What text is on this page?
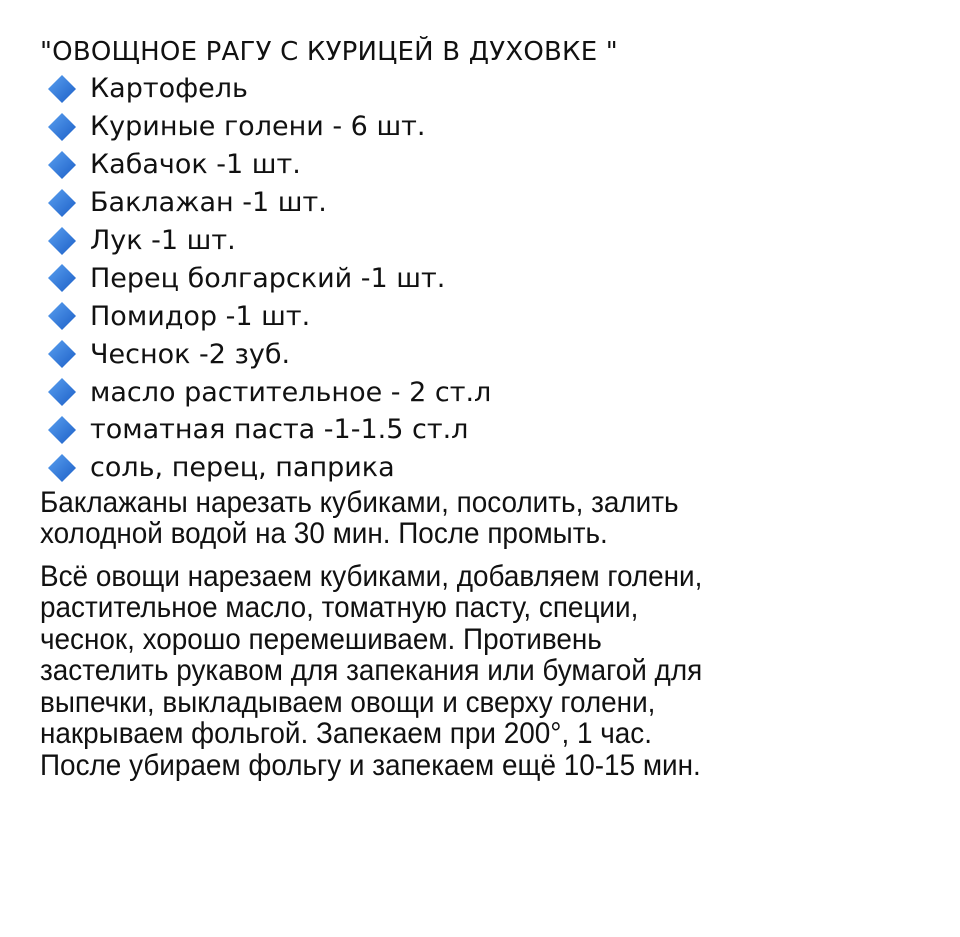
"ОВОЩНОЕ РАГУ С КУРИЦЕЙ В ДУХОВКЕ "
Картофель
Куриные голени - 6 шт.
Кабачок -1 шт.
Баклажан -1 шт.
Лук -1 шт.
Перец болгарский -1 шт.
Помидор -1 шт.
Чеснок -2 зуб.
масло растительное - 2 ст.л
томатная паста -1-1.5 ст.л
соль, перец, паприка

Баклажаны нарезать кубиками, посолить, залить
холодной водой на 30 мин. После промыть.

Всё овощи нарезаем кубиками, добавляем голени,
растительное масло, томатную пасту, специи,
чеснок, хорошо перемешиваем. Противень
застелить рукавом для запекания или бумагой для
выпечки, выкладываем овощи и сверху голени,
накрываем фольгой. Запекаем при 200°, 1 час.
После убираем фольгу и запекаем ещё 10-15 мин.
